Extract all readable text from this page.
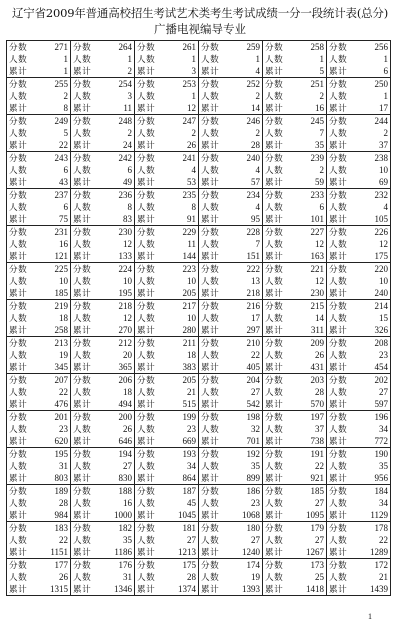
辽宁省2009年普通高校招生考试艺术类考生考试成绩一分一段统计表(总分)
广播电视编导专业
分数	271
人数	1
累计	1
分数	264
人数	1
累计	2
分数	261
人数	1
累计	3
分数	259
人数	1
累计	4
分数	258
人数	1
累计	5
分数	256
人数	1
累计	6
分数	255
人数	2
累计	8
分数	254
人数	3
累计	11
分数	253
人数	1
累计	12
分数	252
人数	2
累计	14
分数	251
人数	2
累计	16
分数	250
人数	1
累计	17
分数	249
人数	5
累计	22
分数	248
人数	2
累计	24
分数	247
人数	2
累计	26
分数	246
人数	2
累计	28
分数	245
人数	7
累计	35
分数	244
人数	2
累计	37
分数	243
人数	6
累计	43
分数	242
人数	6
累计	49
分数	241
人数	4
累计	53
分数	240
人数	4
累计	57
分数	239
人数	2
累计	59
分数	238
人数	10
累计	69
分数	237
人数	6
累计	75
分数	236
人数	8
累计	83
分数	235
人数	8
累计	91
分数	234
人数	4
累计	95
分数	233
人数	6
累计	101
分数	232
人数	4
累计	105
分数	231
人数	16
累计	121
分数	230
人数	12
累计	133
分数	229
人数	11
累计	144
分数	228
人数	7
累计	151
分数	227
人数	12
累计	163
分数	226
人数	12
累计	175
分数	225
人数	10
累计	185
分数	224
人数	10
累计	195
分数	223
人数	10
累计	205
分数	222
人数	13
累计	218
分数	221
人数	12
累计	230
分数	220
人数	10
累计	240
分数	219
人数	18
累计	258
分数	218
人数	12
累计	270
分数	217
人数	10
累计	280
分数	216
人数	17
累计	297
分数	215
人数	14
累计	311
分数	214
人数	15
累计	326
分数	213
人数	19
累计	345
分数	212
人数	20
累计	365
分数	211
人数	18
累计	383
分数	210
人数	22
累计	405
分数	209
人数	26
累计	431
分数	208
人数	23
累计	454
分数	207
人数	22
累计	476
分数	206
人数	18
累计	494
分数	205
人数	21
累计	515
分数	204
人数	27
累计	542
分数	203
人数	28
累计	570
分数	202
人数	27
累计	597
分数	201
人数	23
累计	620
分数	200
人数	26
累计	646
分数	199
人数	23
累计	669
分数	198
人数	32
累计	701
分数	197
人数	37
累计	738
分数	196
人数	34
累计	772
分数	195
人数	31
累计	803
分数	194
人数	27
累计	830
分数	193
人数	34
累计	864
分数	192
人数	35
累计	899
分数	191
人数	22
累计	921
分数	190
人数	35
累计	956
分数	189
人数	28
累计	984
分数	188
人数	16
累计	1000
分数	187
人数	45
累计	1045
分数	186
人数	23
累计	1068
分数	185
人数	27
累计	1095
分数	184
人数	34
累计	1129
分数	183
人数	22
累计	1151
分数	182
人数	35
累计	1186
分数	181
人数	27
累计	1213
分数	180
人数	27
累计	1240
分数	179
人数	27
累计	1267
分数	178
人数	22
累计	1289
分数	177
人数	26
累计	1315
分数	176
人数	31
累计	1346
分数	175
人数	28
累计	1374
分数	174
人数	19
累计	1393
分数	173
人数	25
累计	1418
分数	172
人数	21
累计	1439
1
